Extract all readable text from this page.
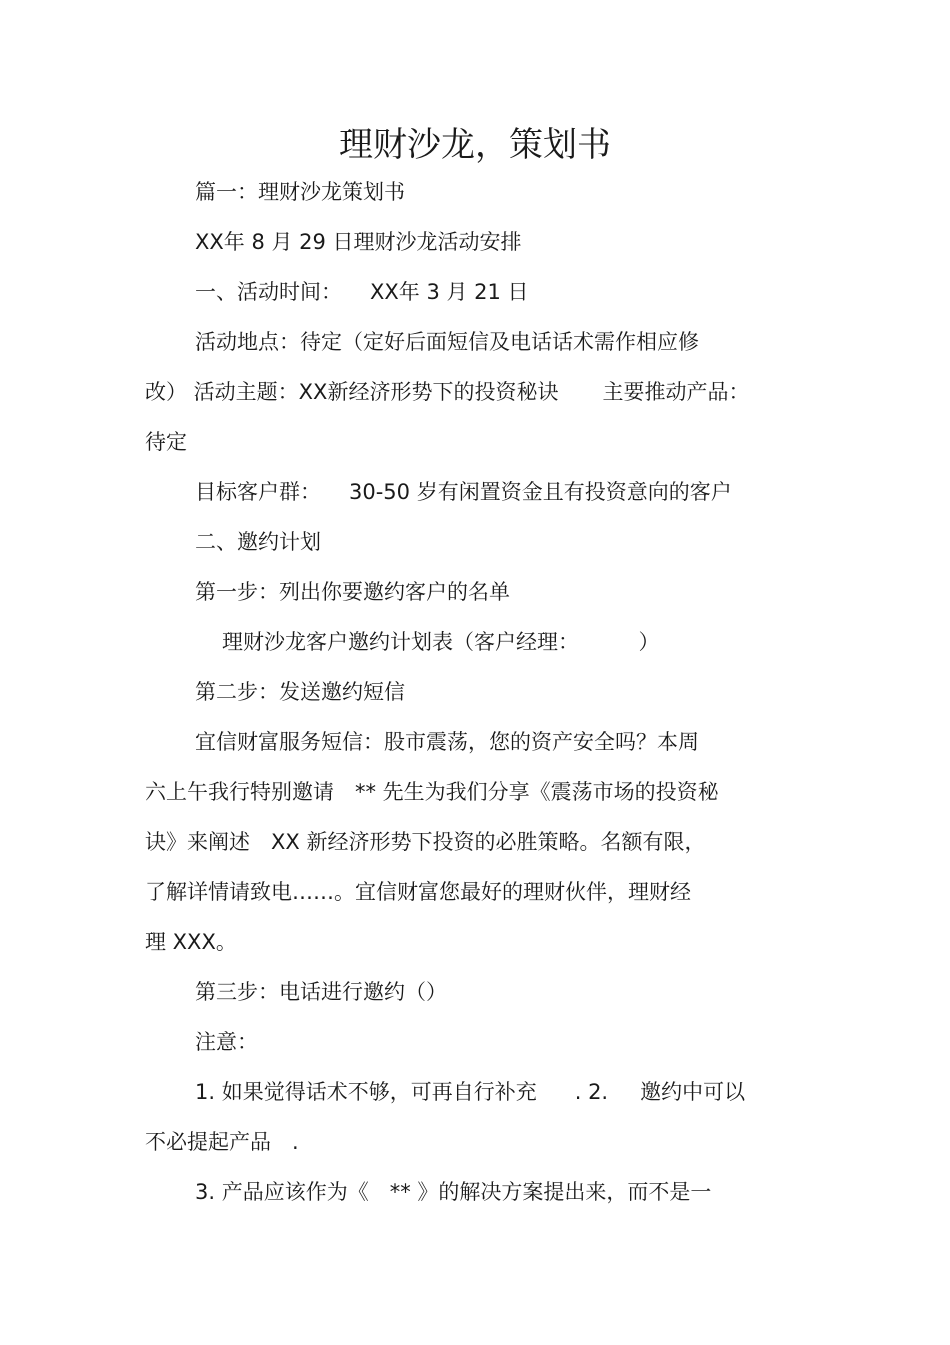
理财沙龙，策划书
篇一：理财沙龙策划书
XX年 8 月 29 日理财沙龙活动安排
一、活动时间： XX年 3 月 21 日
活动地点：待定（定好后面短信及电话话术需作相应修
改） 活动主题：XX新经济形势下的投资秘诀 主要推动产品：
待定
目标客户群： 30-50 岁有闲置资金且有投资意向的客户
二、邀约计划
第一步：列出你要邀约客户的名单
理财沙龙客户邀约计划表（客户经理：	）
第二步：发送邀约短信
宜信财富服务短信：股市震荡，您的资产安全吗？本周
六上午我行特别邀请　** 先生为我们分享《震荡市场的投资秘
诀》来阐述　XX 新经济形势下投资的必胜策略。名额有限，
了解详情请致电……。宜信财富您最好的理财伙伴，理财经
理 XXX。
第三步：电话进行邀约（）
注意：
1. 如果觉得话术不够，可再自行补充 . 2. 邀约中可以
不必提起产品　.
3. 产品应该作为《　** 》的解决方案提出来，而不是一
